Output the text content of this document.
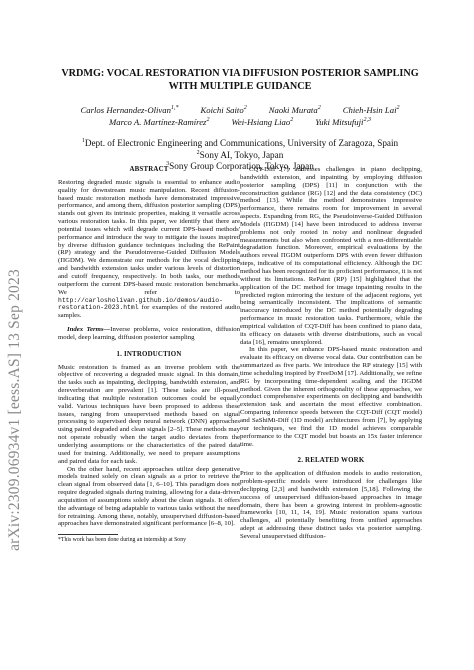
arXiv:2309.06934v1 [eess.AS] 13 Sep 2023
VRDMG: VOCAL RESTORATION VIA DIFFUSION POSTERIOR SAMPLING
WITH MULTIPLE GUIDANCE
Carlos Hernandez-Olivan$^{1,*}$	Koichi Saito$^2$	Naoki Murata$^2$	Chieh-Hsin Lai$^2$
Marco A. Martínez-Ramírez$^2$	Wei-Hsiang Liao$^2$	Yuki Mitsufuji$^{2,3}$
$^1$Dept. of Electronic Engineering and Communications, University of Zaragoza, Spain
$^2$Sony AI, Tokyo, Japan
$^3$Sony Group Corporation, Tokyo, Japan
ABSTRACT

Restoring degraded music signals is essential to enhance audio quality for downstream music manipulation. Recent diffusion-based music restoration methods have demonstrated impressive performance, and among them, diffusion posterior sampling (DPS) stands out given its intrinsic properties, making it versatile across various restoration tasks. In this paper, we identify that there are potential issues which will degrade current DPS-based methods' performance and introduce the way to mitigate the issues inspired by diverse diffusion guidance techniques including the RePaint (RP) strategy and the Pseudoinverse-Guided Diffusion Models (ΠGDM). We demonstrate our methods for the vocal declipping and bandwidth extension tasks under various levels of distortion and cutoff frequency, respectively. In both tasks, our methods outperform the current DPS-based music restoration benchmarks. We refer to http://carlosholivan.github.io/demos/audio-restoration-2023.html for examples of the restored audio samples.

Index Terms—Inverse problems, voice restoration, diffusion model, deep learning, diffusion posterior sampling

1. INTRODUCTION

Music restoration is framed as an inverse problem with the objective of recovering a degraded music signal. In this domain, the tasks such as inpainting, declipping, bandwidth extension, and dereverberation are prevalent [1]. These tasks are ill-posed, indicating that multiple restoration outcomes could be equally valid. Various techniques have been proposed to address these issues, ranging from unsupervised methods based on signal processing to supervised deep neural network (DNN) approaches using paired degraded and clean signals [2–5]. These methods may not operate robustly when the target audio deviates from the underlying assumptions or the characteristics of the paired data used for training. Additionally, we need to prepare assumptions and paired data for each task.

On the other hand, recent approaches utilize deep generative models trained solely on clean signals as a prior to retrieve the clean signal from observed data [1, 6–10]. This paradigm does not require degraded signals during training, allowing for a data-driven acquisition of assumptions solely about the clean signals. It offers the advantage of being adaptable to various tasks without the need for retraining. Among these, notably, unsupervised diffusion-based approaches have demonstrated significant performance [6–8, 10].

*This work has been done during an internship at Sony

CQT-Diff [7] addresses challenges in piano declipping, bandwidth extension, and inpainting by employing diffusion posterior sampling (DPS) [11] in conjunction with the reconstruction guidance (RG) [12] and the data consistency (DC) method [13]. While the method demonstrates impressive performance, there remains room for improvement in several aspects. Expanding from RG, the Pseudoinverse-Guided Diffusion Models (ΠGDM) [14] have been introduced to address inverse problems not only rooted in noisy and nonlinear degraded measurements but also when confronted with a non-differentiable degradation function. Moreover, empirical evaluations by the authors reveal ΠGDM outperform DPS with even fewer diffusion steps, indicative of its computational efficiency. Although the DC method has been recognized for its proficient performance, it is not without its limitations. RePaint (RP) [15] highlighted that the application of the DC method for image inpainting results in the predicted region mirroring the texture of the adjacent regions, yet being semantically inconsistent. The implications of semantic inaccuracy introduced by the DC method potentially degrading performance in music restoration tasks. Furthermore, while the empirical validation of CQT-Diff has been confined to piano data, its efficacy on datasets with diverse distributions, such as vocal data [16], remains unexplored.

In this paper, we enhance DPS-based music restoration and evaluate its efficacy on diverse vocal data. Our contribution can be summarized as five parts. We introduce the RP strategy [15] with time scheduling inspired by FreeDoM [17]. Additionally, we refine RG by incorporating time-dependent scaling and the ΠGDM method. Given the inherent orthogonality of these approaches, we conduct comprehensive experiments on declipping and bandwidth extension task and ascertain the most effective combination. Comparing inference speeds between the CQT-Diff (CQT model) and SaShiMi-Diff (1D model) architectures from [7], by applying our techniques, we find the 1D model achieves comparable performance to the CQT model but boasts an 15x faster inference time.

2. RELATED WORK

Prior to the application of diffusion models to audio restoration, problem-specific models were introduced for challenges like declipping [2,3] and bandwidth extension [5,18]. Following the success of unsupervised diffusion-based approaches in image domain, there has been a growing interest in problem-agnostic frameworks [10, 11, 14, 19]. Music restoration spans various challenges, all potentially benefiting from unified approaches adept at addressing these distinct tasks via posterior sampling. Several unsupervised diffusion-
